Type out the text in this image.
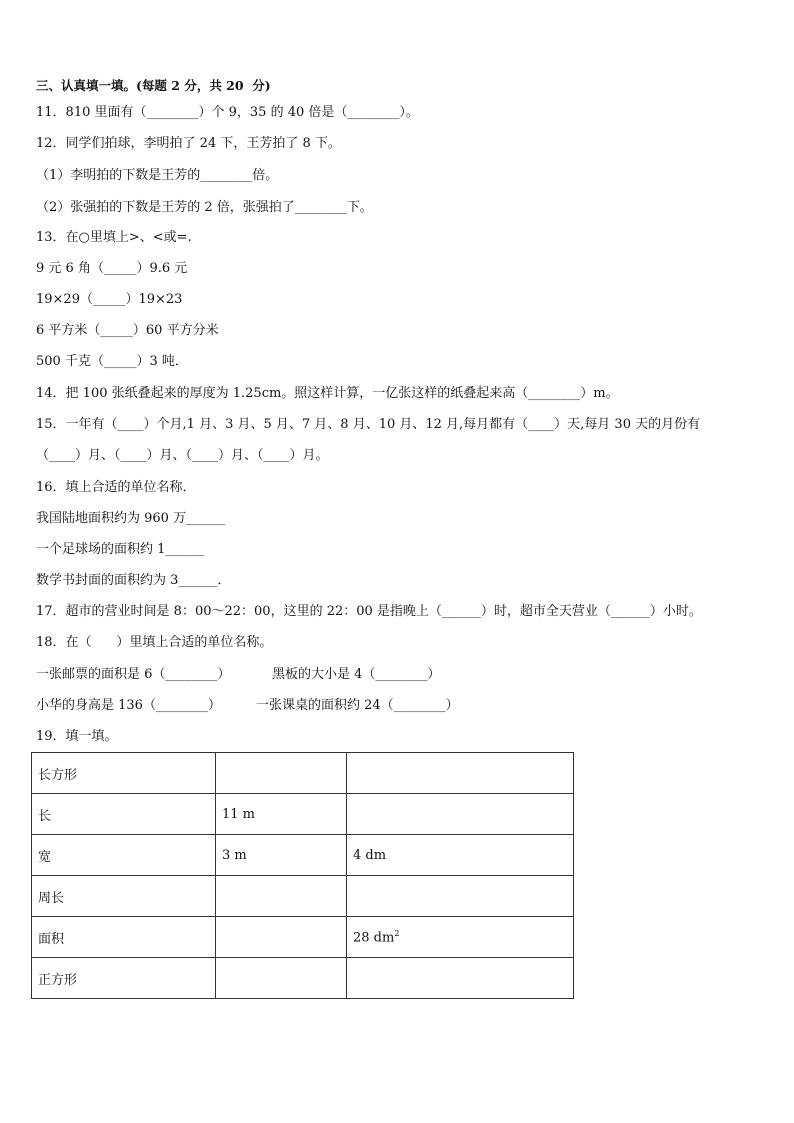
三、认真填一填。(每题 2 分，共 20  分)
11．810 里面有（________）个 9，35 的 40 倍是（________）。
12．同学们拍球，李明拍了 24 下，王芳拍了 8 下。
（1）李明拍的下数是王芳的________倍。
（2）张强拍的下数是王芳的 2 倍，张强拍了________下。
13．在○里填上>、<或=.
9 元 6 角（_____）9.6 元
19×29（_____）19×23
6 平方米（_____）60 平方分米
500 千克（_____）3 吨．
14．把 100 张纸叠起来的厚度为 1.25cm。照这样计算，一亿张这样的纸叠起来高（________）m。
15．一年有（____）个月,1 月、3 月、5 月、7 月、8 月、10 月、12 月,每月都有（____）天,每月 30 天的月份有
（____）月、（____）月、（____）月、（____）月。
16．填上合适的单位名称．
我国陆地面积约为 960 万______
一个足球场的面积约 1______
数学书封面的面积约为 3______．
17．超市的营业时间是 8：00～22：00，这里的 22：00 是指晚上（______）时，超市全天营业（______）小时。
18．在（      ）里填上合适的单位名称。
一张邮票的面积是 6（________）	黑板的大小是 4（________）
小华的身高是 136（________）	一张课桌的面积约 24（________）
19．填一填。
长方形		
长	11 m	
宽	3 m	4 dm
周长		
面积		28 $dm^2$
正方形		
